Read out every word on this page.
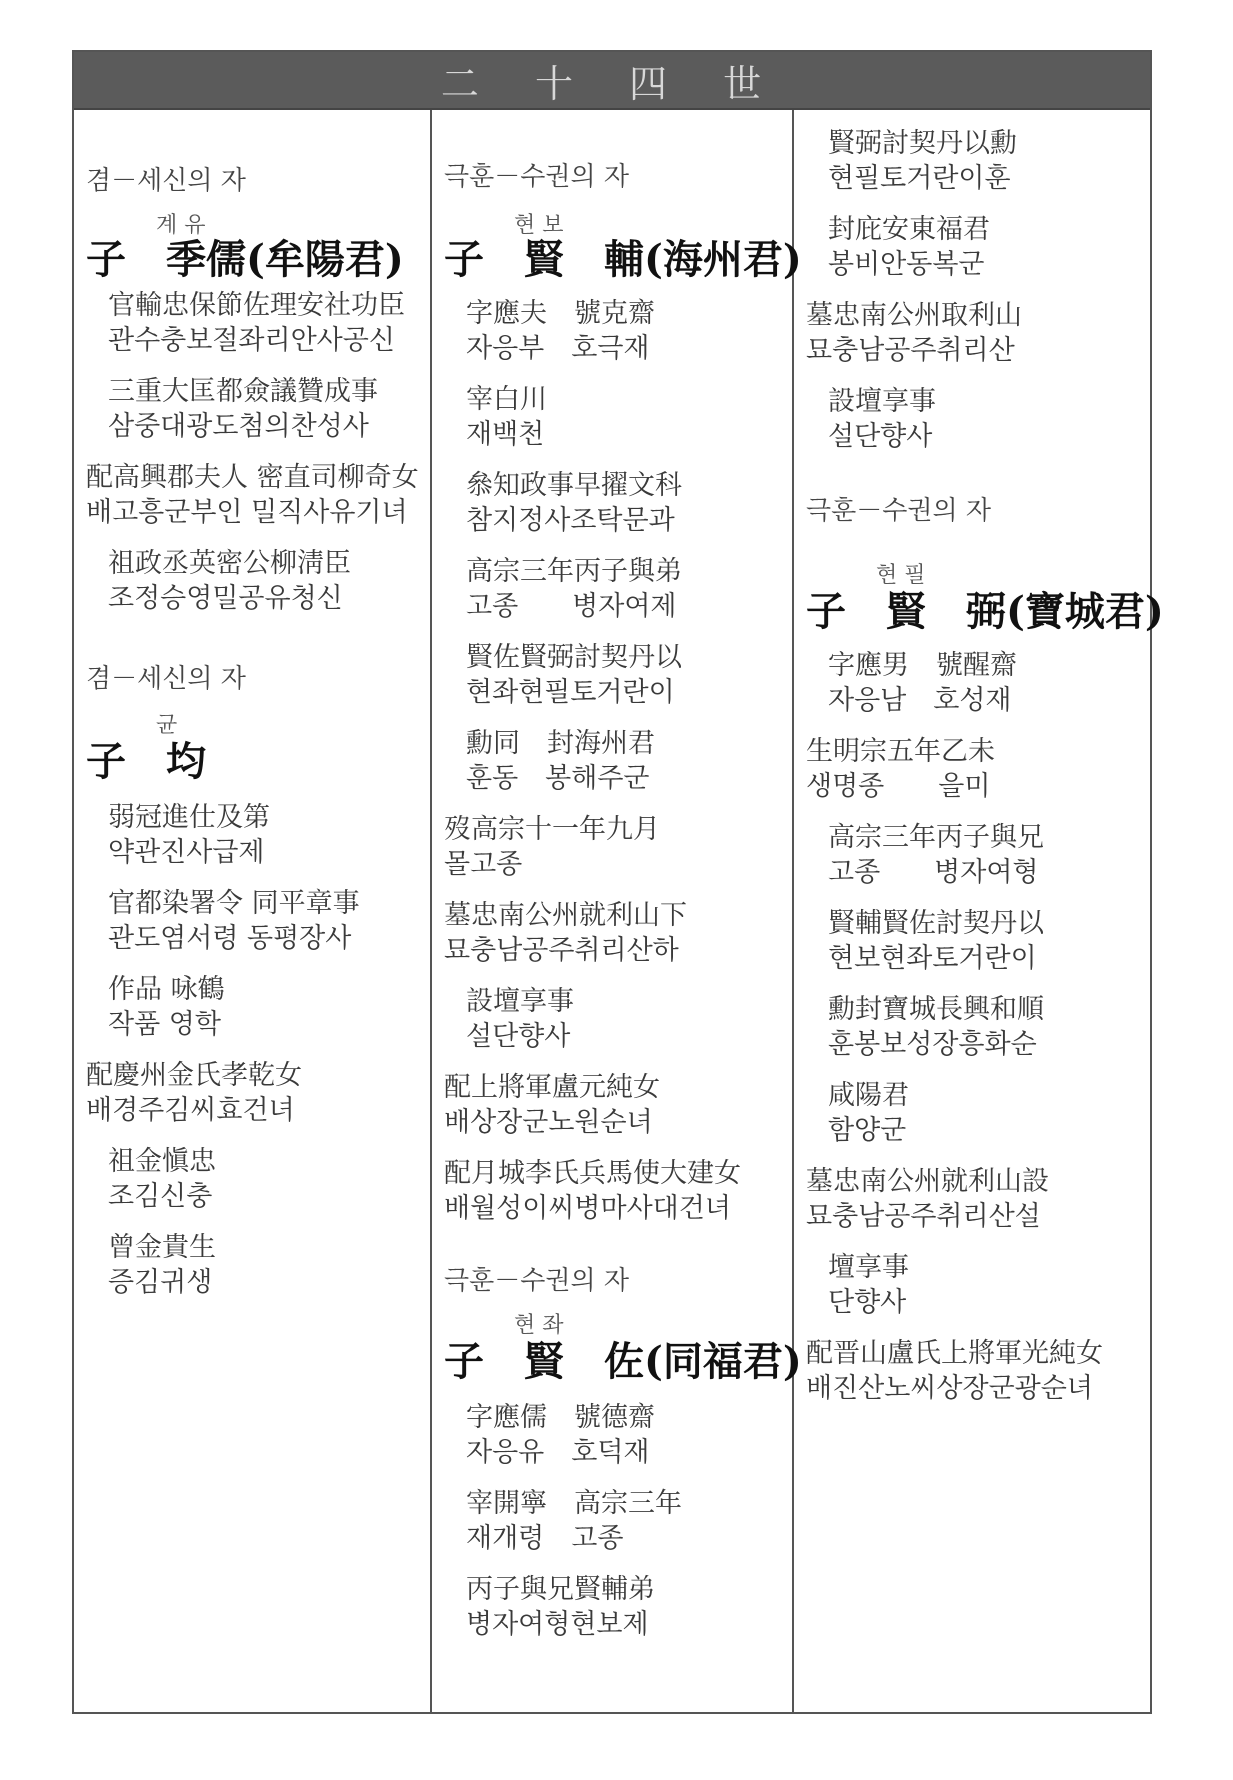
二 十 四 世
겸－세신의 자
계 유
子　季儒(牟陽君)
官輸忠保節佐理安社功臣
관수충보절좌리안사공신
三重大匡都僉議贊成事
삼중대광도첨의찬성사
配高興郡夫人 密直司柳奇女
배고흥군부인 밀직사유기녀
祖政丞英密公柳淸臣
조정승영밀공유청신
겸－세신의 자
균
子　均
弱冠進仕及第
약관진사급제
官都染署令 同平章事
관도염서령 동평장사
作品 咏鶴
작품 영학
配慶州金氏孝乾女
배경주김씨효건녀
祖金愼忠
조김신충
曾金貴生
증김귀생
극훈－수권의 자
현 보
子　賢　輔(海州君)
字應夫　號克齋
자응부　호극재
宰白川
재백천
叅知政事早擢文科
참지정사조탁문과
高宗三年丙子與弟
고종　　병자여제
賢佐賢弼討契丹以
현좌현필토거란이
勳同　封海州君
훈동　봉해주군
歿高宗十一年九月
몰고종
墓忠南公州就利山下
묘충남공주취리산하
設壇享事
설단향사
配上將軍盧元純女
배상장군노원순녀
配月城李氏兵馬使大建女
배월성이씨병마사대건녀
극훈－수권의 자
현 좌
子　賢　佐(同福君)
字應儒　號德齋
자응유　호덕재
宰開寧　高宗三年
재개령　고종
丙子與兄賢輔弟
병자여형현보제
賢弼討契丹以勳
현필토거란이훈
封庇安東福君
봉비안동복군
墓忠南公州取利山
묘충남공주취리산
設壇享事
설단향사
극훈－수권의 자
현 필
子　賢　弼(寶城君)
字應男　號醒齋
자응남　호성재
生明宗五年乙未
생명종　　을미
高宗三年丙子與兄
고종　　병자여형
賢輔賢佐討契丹以
현보현좌토거란이
勳封寶城長興和順
훈봉보성장흥화순
咸陽君
함양군
墓忠南公州就利山設
묘충남공주취리산설
壇享事
단향사
配晋山盧氏上將軍光純女
배진산노씨상장군광순녀
